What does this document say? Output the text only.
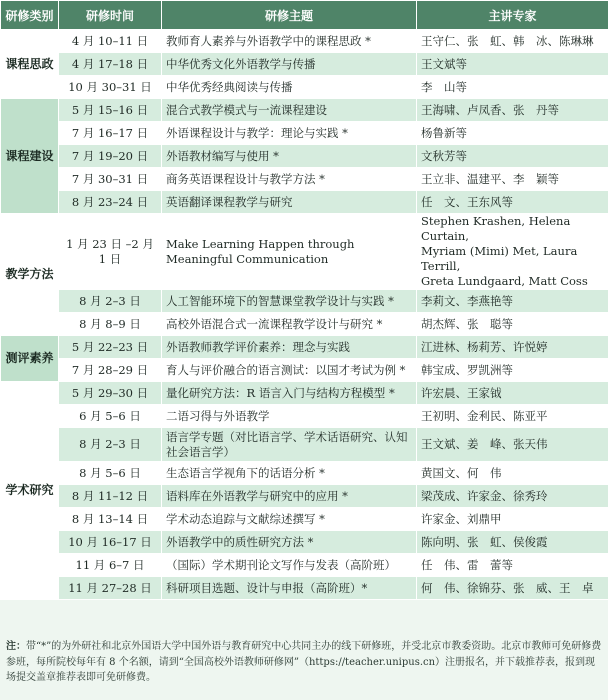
研修类别	研修时间	研修主题	主讲专家
课程思政	4 月 10–11 日	教师育人素养与外语教学中的课程思政 *	王守仁、张　虹、韩　冰、陈琳琳

	4 月 17–18 日	中华优秀文化外语教学与传播	王文斌等

	10 月 30–31 日	中华优秀经典阅读与传播	李　山等

课程建设	5 月 15–16 日	混合式教学模式与一流课程建设	王海啸、卢凤香、张　丹等

	7 月 16–17 日	外语课程设计与教学：理论与实践 *	杨鲁新等

	7 月 19–20 日	外语教材编写与使用 *	文秋芳等

	7 月 30–31 日	商务英语课程设计与教学方法 *	王立非、温建平、李　颖等

	8 月 23–24 日	英语翻译课程教学与研究	任　文、王东风等

教学方法	1 月 23 日 –2 月 1 日	Make Learning Happen through Meaningful Communication	Stephen Krashen, Helena Curtain,
Myriam (Mimi) Met, Laura Terrill,
Greta Lundgaard, Matt Coss

	8 月 2–3 日	人工智能环境下的智慧课堂教学设计与实践 *	李莉文、李燕艳等

	8 月 8–9 日	高校外语混合式一流课程教学设计与研究 *	胡杰辉、张　聪等

测评素养	5 月 22–23 日	外语教师教学评价素养：理念与实践	江进林、杨莉芳、许悦婷

	7 月 28–29 日	育人与评价融合的语言测试：以国才考试为例 *	韩宝成、罗凯洲等

学术研究	5 月 29–30 日	量化研究方法：R 语言入门与结构方程模型 *	许宏晨、王家钺

	6 月 5–6 日	二语习得与外语教学	王初明、金利民、陈亚平

	8 月 2–3 日	语言学专题（对比语言学、学术话语研究、认知社会语言学）	王文斌、姜　峰、张天伟

	8 月 5–6 日	生态语言学视角下的话语分析 *	黄国文、何　伟

	8 月 11–12 日	语料库在外语教学与研究中的应用 *	梁茂成、许家金、徐秀玲

	8 月 13–14 日	学术动态追踪与文献综述撰写 *	许家金、刘鼎甲

	10 月 16–17 日	外语教学中的质性研究方法 *	陈向明、张　虹、侯俊霞

	11 月 6–7 日	（国际）学术期刊论文写作与发表（高阶班）	任　伟、雷　蕾等

	11 月 27–28 日	科研项目选题、设计与申报（高阶班）*	何　伟、徐锦芬、张　威、王　卓
注：带“*”的为外研社和北京外国语大学中国外语与教育研究中心共同主办的线下研修班，并受北京市教委资助。北京市教师可免研修费参班，每所院校每年有 8 个名额，请到“全国高校外语教师研修网”（https://teacher.unipus.cn）注册报名，并下载推荐表，报到现场提交盖章推荐表即可免研修费。
